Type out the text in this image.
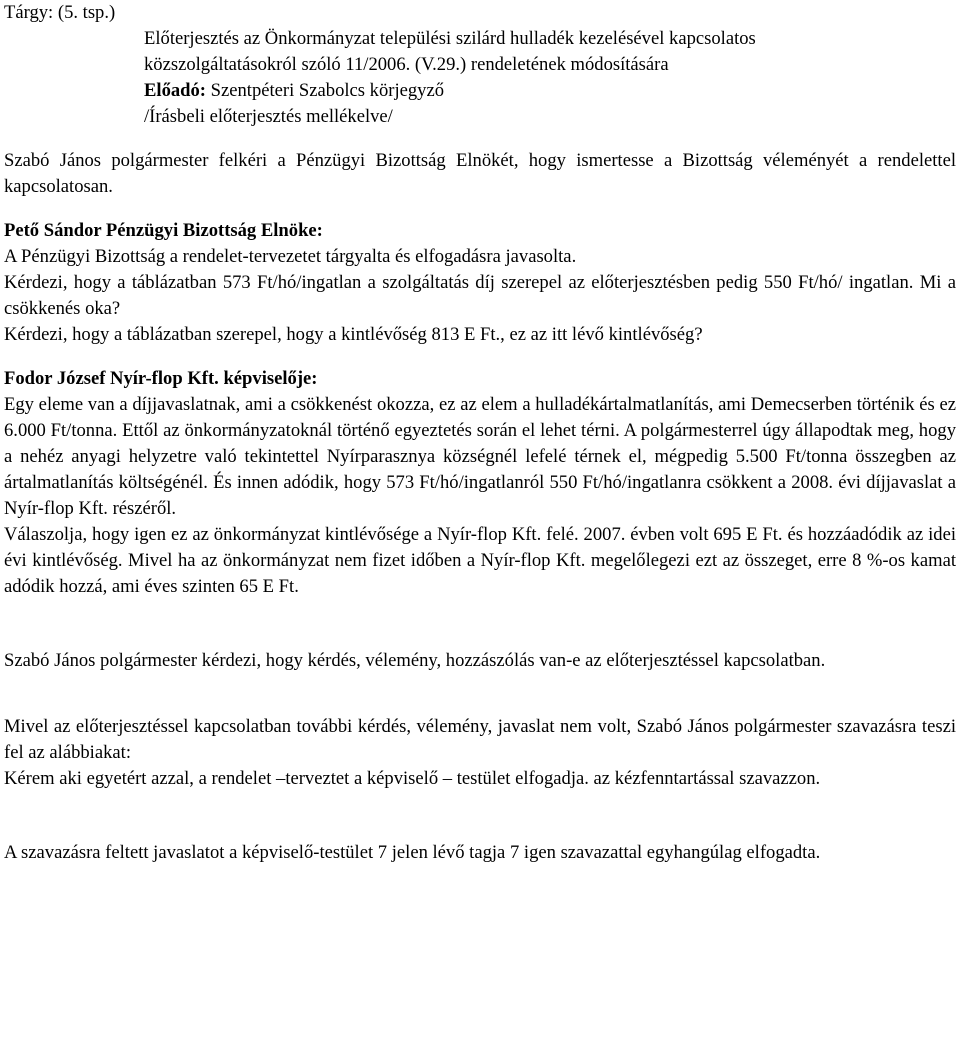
Tárgy: (5. tsp.)

Előterjesztés az Önkormányzat települési szilárd hulladék kezelésével kapcsolatos

közszolgáltatásokról szóló 11/2006. (V.29.) rendeletének módosítására

Előadó: Szentpéteri Szabolcs körjegyző

/Írásbeli előterjesztés mellékelve/

Szabó János polgármester felkéri a Pénzügyi Bizottság Elnökét, hogy ismertesse a Bizottság véleményét a rendelettel kapcsolatosan.

Pető Sándor Pénzügyi Bizottság Elnöke:

A Pénzügyi Bizottság a rendelet-tervezetet tárgyalta és elfogadásra javasolta.

Kérdezi, hogy a táblázatban 573 Ft/hó/ingatlan a szolgáltatás díj szerepel az előterjesztésben pedig 550 Ft/hó/ ingatlan. Mi a csökkenés oka?

Kérdezi, hogy a táblázatban szerepel, hogy a kintlévőség 813 E Ft., ez az itt lévő kintlévőség?

Fodor József Nyír-flop Kft. képviselője:

Egy eleme van a díjjavaslatnak, ami a csökkenést okozza, ez az elem a hulladékártalmatlanítás, ami Demecserben történik és ez 6.000 Ft/tonna. Ettől az önkormányzatoknál történő egyeztetés során el lehet térni. A polgármesterrel úgy állapodtak meg, hogy a nehéz anyagi helyzetre való tekintettel Nyírparasznya községnél lefelé térnek el, mégpedig 5.500 Ft/tonna összegben az ártalmatlanítás költségénél. És innen adódik, hogy 573 Ft/hó/ingatlanról 550 Ft/hó/ingatlanra csökkent a 2008. évi díjjavaslat a Nyír-flop Kft. részéről.

Válaszolja, hogy igen ez az önkormányzat kintlévősége a Nyír-flop Kft. felé. 2007. évben volt 695 E Ft. és hozzáadódik az idei évi kintlévőség. Mivel ha az önkormányzat nem fizet időben a Nyír-flop Kft. megelőlegezi ezt az összeget, erre 8 %-os kamat adódik hozzá, ami éves szinten 65 E Ft.

Szabó János polgármester kérdezi, hogy kérdés, vélemény, hozzászólás van-e az előterjesztéssel kapcsolatban.

Mivel az előterjesztéssel kapcsolatban további kérdés, vélemény, javaslat nem volt, Szabó János polgármester szavazásra teszi fel az alábbiakat:

Kérem aki egyetért azzal, a rendelet –terveztet a képviselő – testület elfogadja. az kézfenntartással szavazzon.

A szavazásra feltett javaslatot a képviselő-testület 7 jelen lévő tagja 7 igen szavazattal egyhangúlag elfogadta.
